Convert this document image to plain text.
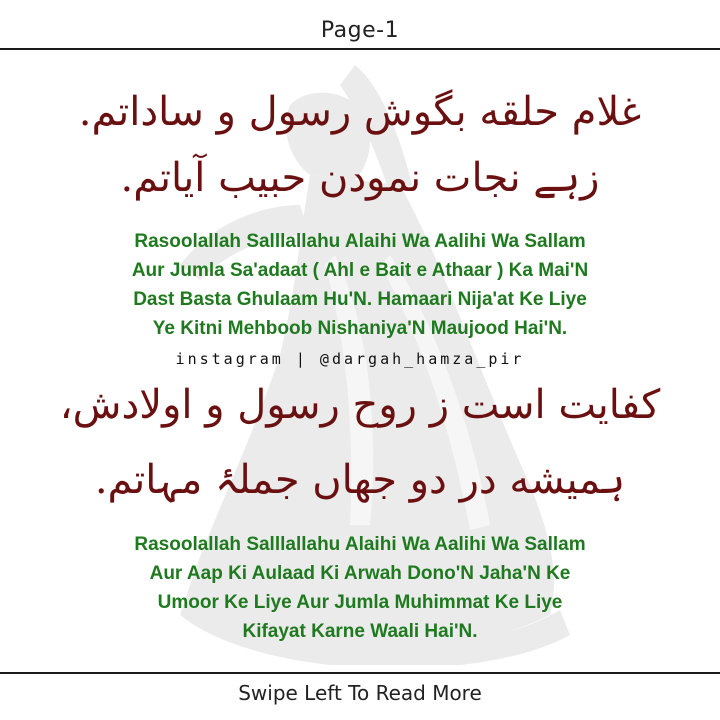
Page-1
غلام حلقه بگوش رسول و ساداتم.
زہے نجات نمودن حبیب آیاتم.
Rasoolallah Salllallahu Alaihi Wa Aalihi Wa Sallam
Aur Jumla Sa'adaat ( Ahl e Bait e Athaar ) Ka Mai'N
Dast Basta Ghulaam Hu'N. Hamaari Nija'at Ke Liye
Ye Kitni Mehboob Nishaniya'N Maujood Hai'N.
instagram | @dargah_hamza_pir
کفایت است ز روح رسول و اولادش،
ہمیشه در دو جهاں جملۂ مہاتم.
Rasoolallah Salllallahu Alaihi Wa Aalihi Wa Sallam
Aur Aap Ki Aulaad Ki Arwah Dono'N Jaha'N Ke
Umoor Ke Liye Aur Jumla Muhimmat Ke Liye
Kifayat Karne Waali Hai'N.
Swipe Left To Read More
